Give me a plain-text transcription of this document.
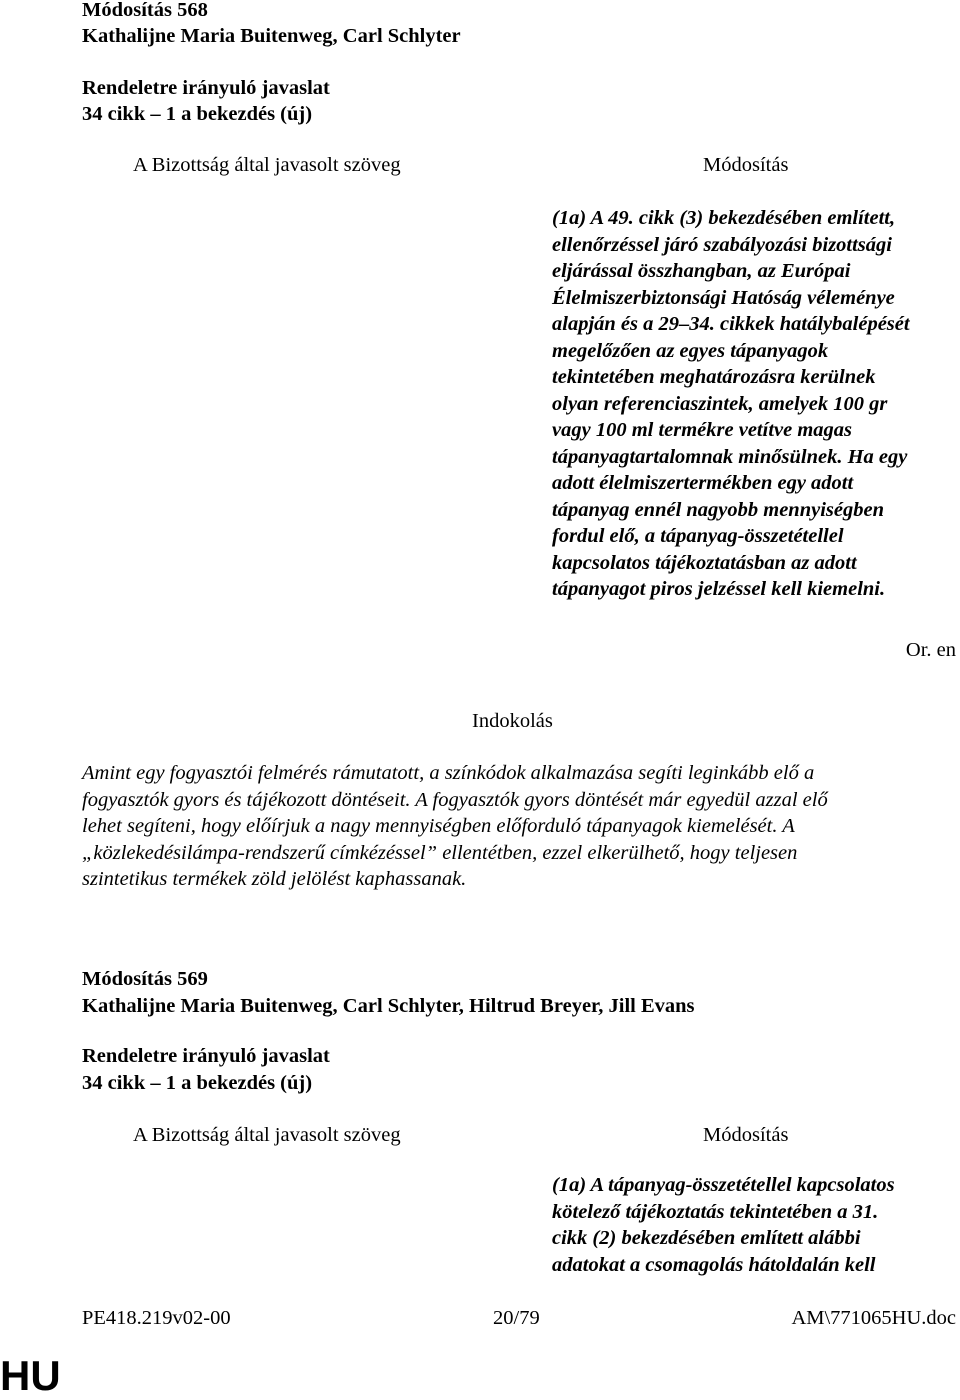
Módosítás 568
Kathalijne Maria Buitenweg, Carl Schlyter
Rendeletre irányuló javaslat
34 cikk – 1 a bekezdés (új)
A Bizottság által javasolt szöveg	Módosítás
(1a) A 49. cikk (3) bekezdésében említett,
ellenőrzéssel járó szabályozási bizottsági
eljárással összhangban, az Európai
Élelmiszerbiztonsági Hatóság véleménye
alapján és a 29–34. cikkek hatálybalépését
megelőzően az egyes tápanyagok
tekintetében meghatározásra kerülnek
olyan referenciaszintek, amelyek 100 gr
vagy 100 ml termékre vetítve magas
tápanyagtartalomnak minősülnek. Ha egy
adott élelmiszertermékben egy adott
tápanyag ennél nagyobb mennyiségben
fordul elő, a tápanyag-összetétellel
kapcsolatos tájékoztatásban az adott
tápanyagot piros jelzéssel kell kiemelni.
Or. en
Indokolás
Amint egy fogyasztói felmérés rámutatott, a színkódok alkalmazása segíti leginkább elő a
fogyasztók gyors és tájékozott döntéseit. A fogyasztók gyors döntését már egyedül azzal elő
lehet segíteni, hogy előírjuk a nagy mennyiségben előforduló tápanyagok kiemelését. A
„közlekedésilámpa-rendszerű címkézéssel” ellentétben, ezzel elkerülhető, hogy teljesen
szintetikus termékek zöld jelölést kaphassanak.
Módosítás 569
Kathalijne Maria Buitenweg, Carl Schlyter, Hiltrud Breyer, Jill Evans
Rendeletre irányuló javaslat
34 cikk – 1 a bekezdés (új)
A Bizottság által javasolt szöveg	Módosítás
(1a) A tápanyag-összetétellel kapcsolatos
kötelező tájékoztatás tekintetében a 31.
cikk (2) bekezdésében említett alábbi
adatokat a csomagolás hátoldalán kell
PE418.219v02-00	20/79	AM\771065HU.doc
HU
